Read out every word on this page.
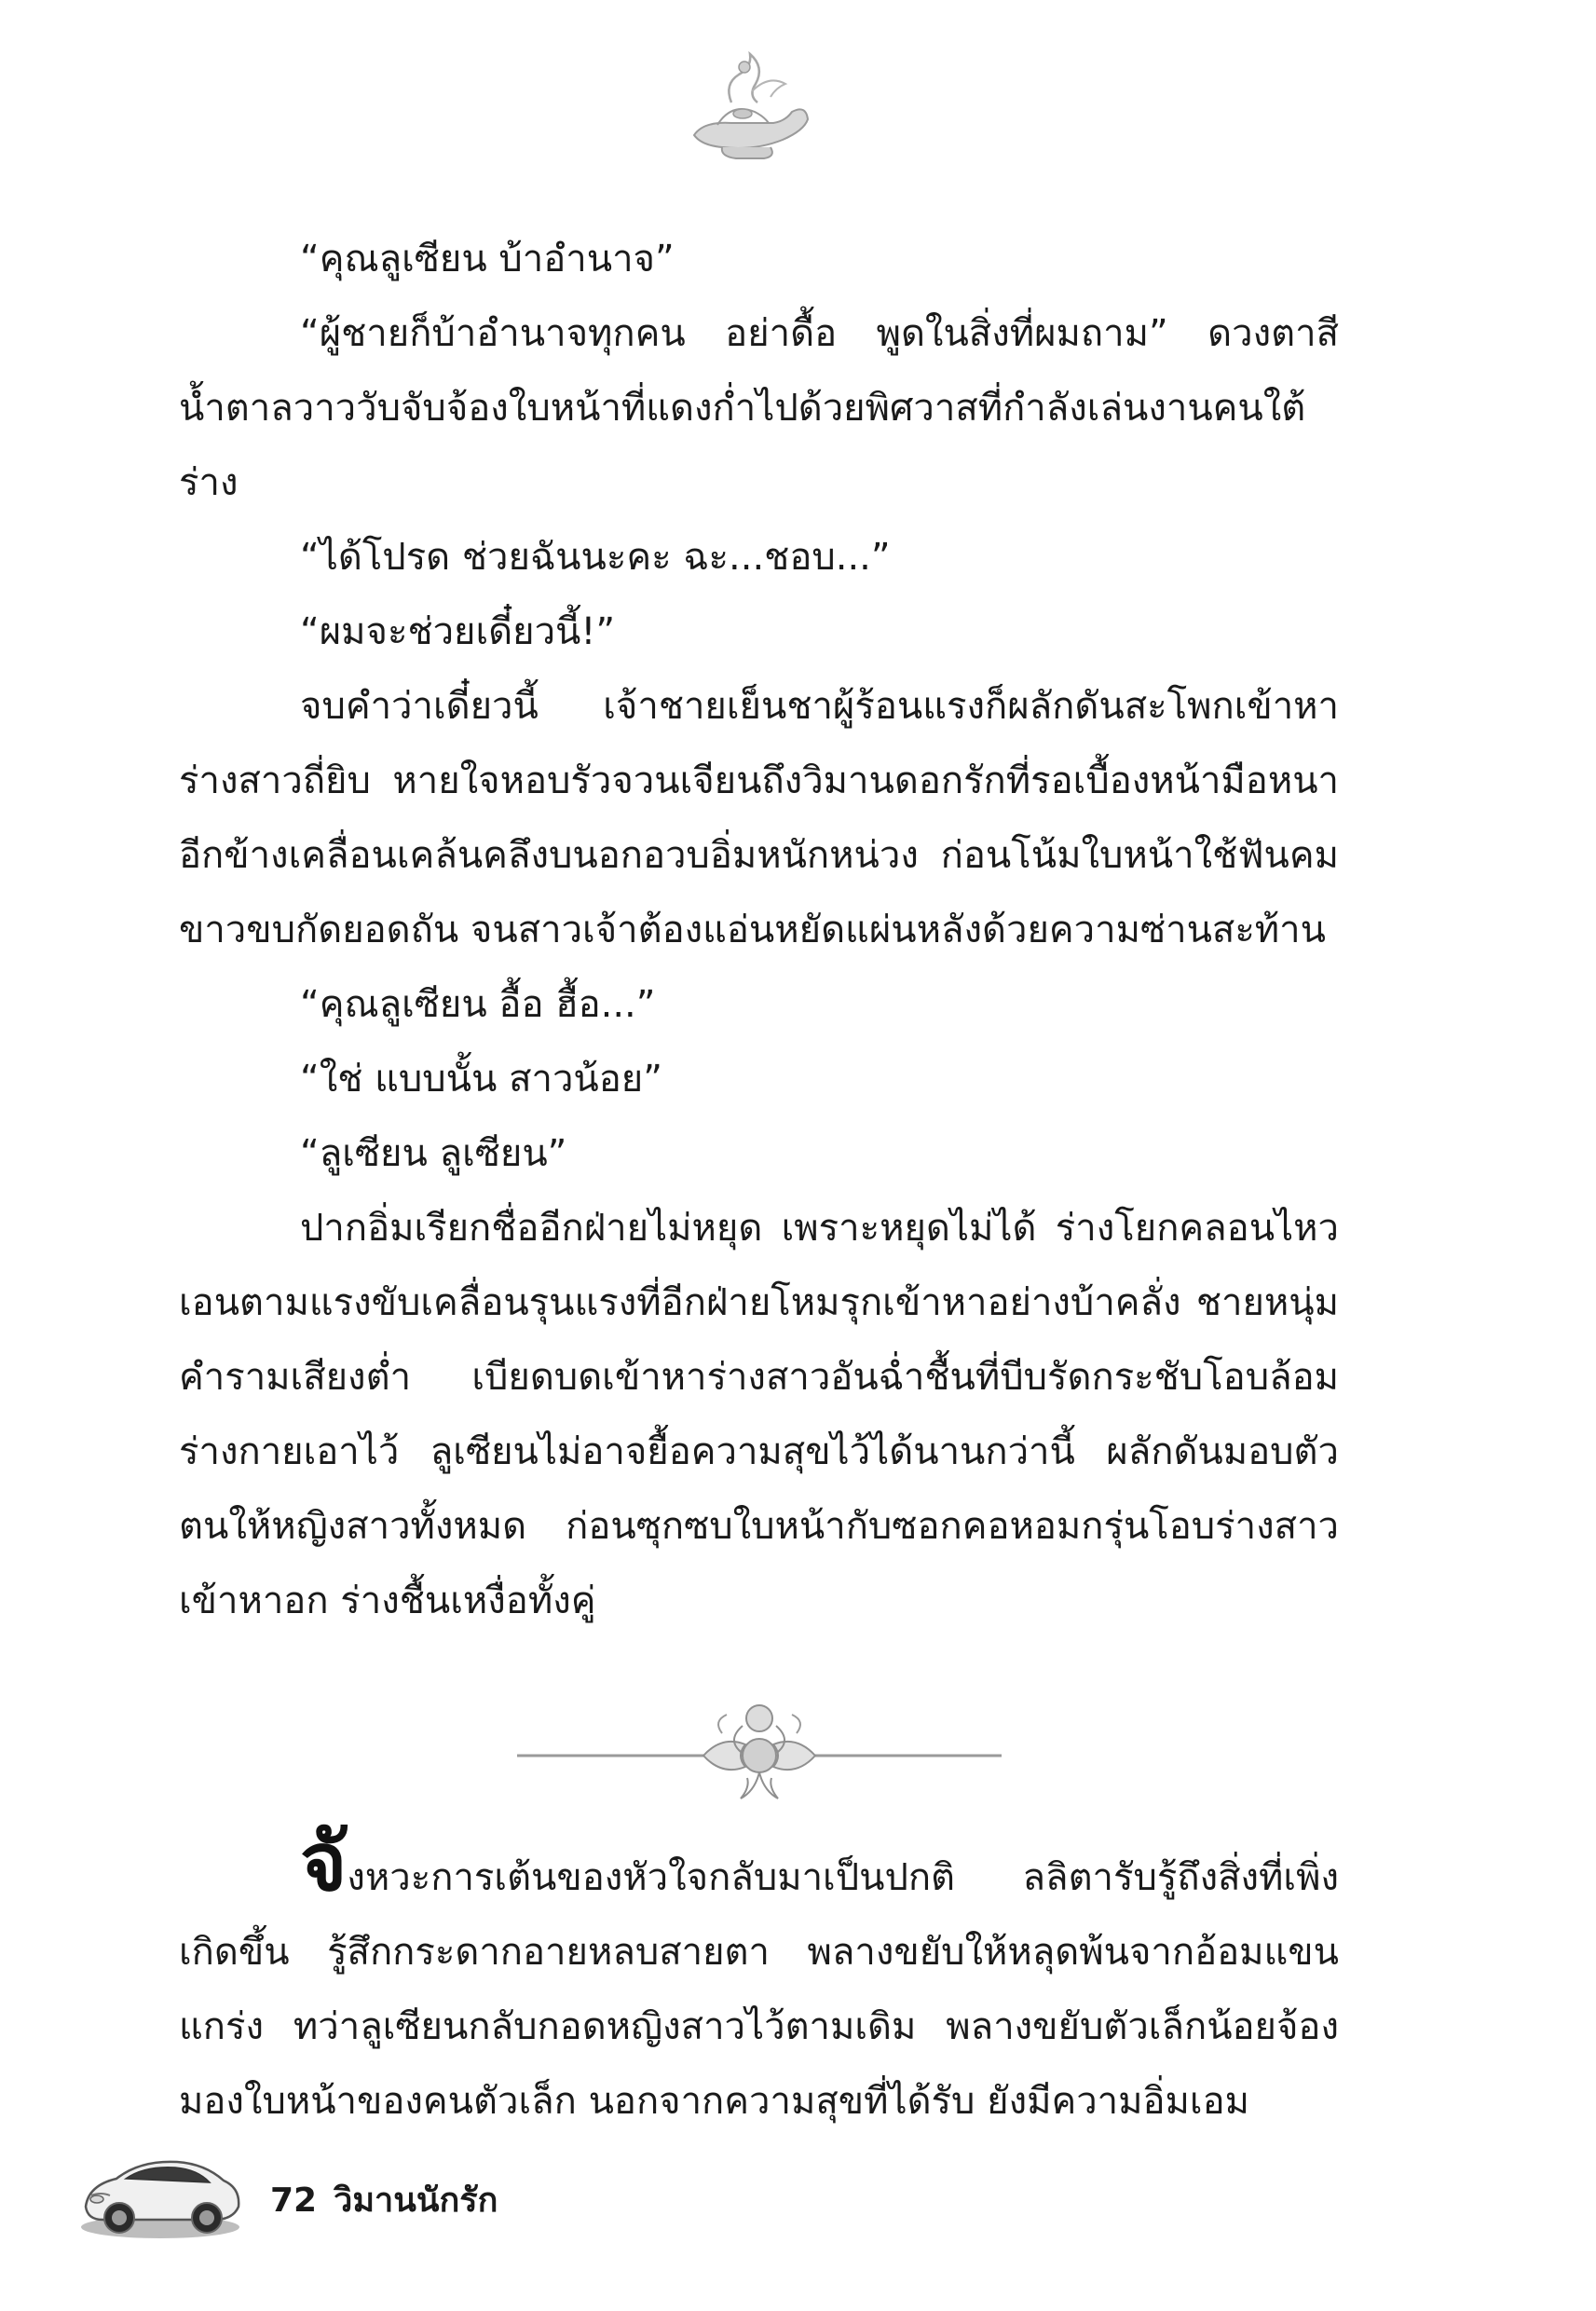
“คุณลูเซียน บ้าอำนาจ”

“ผู้ชายก็บ้าอำนาจทุกคน อย่าดื้อ พูดในสิ่งที่ผมถาม” ดวงตาสีน้ำตาลวาววับจับจ้องใบหน้าที่แดงก่ำไปด้วยพิศวาสที่กำลังเล่นงานคนใต้ร่าง

“ได้โปรด ช่วยฉันนะคะ ฉะ...ชอบ...”

“ผมจะช่วยเดี๋ยวนี้!”

จบคำว่าเดี๋ยวนี้ เจ้าชายเย็นชาผู้ร้อนแรงก็ผลักดันสะโพกเข้าหาร่างสาวถี่ยิบ หายใจหอบรัวจวนเจียนถึงวิมานดอกรักที่รอเบื้องหน้ามือหนาอีกข้างเคลื่อนเคล้นคลึงบนอกอวบอิ่มหนักหน่วง ก่อนโน้มใบหน้าใช้ฟันคมขาวขบกัดยอดถัน จนสาวเจ้าต้องแอ่นหยัดแผ่นหลังด้วยความซ่านสะท้าน

“คุณลูเซียน อื้อ ฮื้อ...”

“ใช่ แบบนั้น สาวน้อย”

“ลูเซียน ลูเซียน”

ปากอิ่มเรียกชื่ออีกฝ่ายไม่หยุด เพราะหยุดไม่ได้ ร่างโยกคลอนไหวเอนตามแรงขับเคลื่อนรุนแรงที่อีกฝ่ายโหมรุกเข้าหาอย่างบ้าคลั่ง ชายหนุ่มคำรามเสียงต่ำ เบียดบดเข้าหาร่างสาวอันฉ่ำชื้นที่บีบรัดกระชับโอบล้อมร่างกายเอาไว้ ลูเซียนไม่อาจยื้อความสุขไว้ได้นานกว่านี้ ผลักดันมอบตัวตนให้หญิงสาวทั้งหมด ก่อนซุกซบใบหน้ากับซอกคอหอมกรุ่นโอบร่างสาวเข้าหาอก ร่างชื้นเหงื่อทั้งคู่

จังหวะการเต้นของหัวใจกลับมาเป็นปกติ ลลิตารับรู้ถึงสิ่งที่เพิ่งเกิดขึ้น รู้สึกกระดากอายหลบสายตา พลางขยับให้หลุดพ้นจากอ้อมแขนแกร่ง ทว่าลูเซียนกลับกอดหญิงสาวไว้ตามเดิม พลางขยับตัวเล็กน้อยจ้องมองใบหน้าของคนตัวเล็ก นอกจากความสุขที่ได้รับ ยังมีความอิ่มเอม

72 วิมานนักรัก
